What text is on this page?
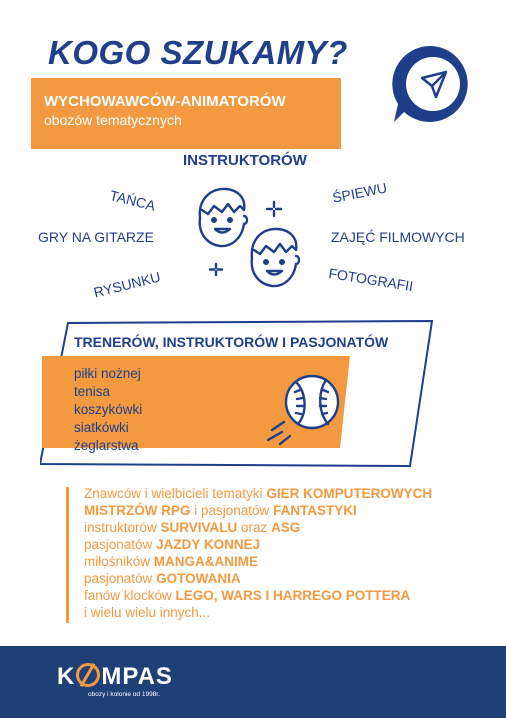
KOGO SZUKAMY?
WYCHOWAWCÓW-ANIMATORÓW
obozów tematycznych
INSTRUKTORÓW
TAŃCA	ŚPIEWU
GRY NA GITARZE	ZAJĘĆ FILMOWYCH
RYSUNKU	FOTOGRAFII
TRENERÓW, INSTRUKTORÓW I PASJONATÓW
piłki nożnej
tenisa
koszykówki
siatkówki
żeglarstwa
Znawców i wielbicieli tematyki GIER KOMPUTEROWYCH
MISTRZÓW RPG i pasjonatów FANTASTYKI
instruktorów SURVIVALU oraz ASG
pasjonatów JAZDY KONNEJ
miłośników MANGA&ANIME
pasjonatów GOTOWANIA
fanów klocków LEGO, WARS I HARREGO POTTERA
i wielu wielu innych...
K MPAS
obozy i kolonie od 1998r.
